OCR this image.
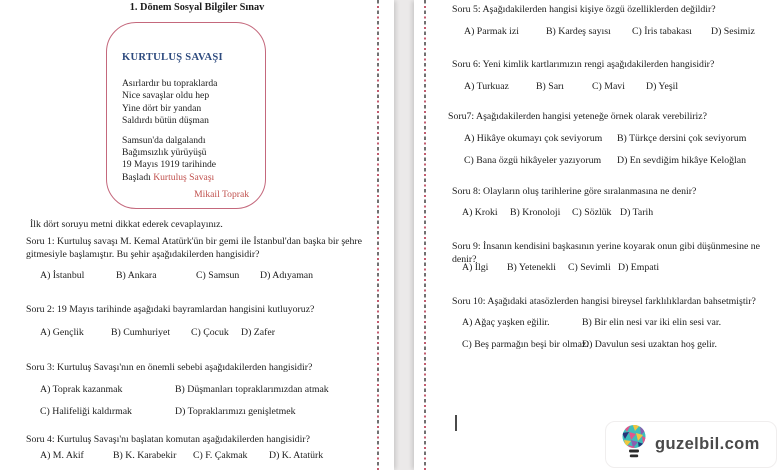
1. Dönem Sosyal Bilgiler Sınav
KURTULUŞ SAVAŞI
Asırlardır bu topraklarda
Nice savaşlar oldu hep
Yine dört bir yandan
Saldırdı bütün düşman
Samsun'da dalgalandı
Bağımsızlık yürüyüşü
19 Mayıs 1919 tarihinde
Başladı Kurtuluş Savaşı
Mikail Toprak
İlk dört soruyu metni dikkat ederek cevaplayınız.
Soru 1: Kurtuluş savaşı M. Kemal Atatürk'ün bir gemi ile İstanbul'dan başka bir şehre gitmesiyle başlamıştır. Bu şehir aşağıdakilerden hangisidir?
A) İstanbul	B) Ankara	C) Samsun	D) Adıyaman
Soru 2: 19 Mayıs tarihinde aşağıdaki bayramlardan hangisini kutluyoruz?
A) Gençlik	B) Cumhuriyet	C) Çocuk	D) Zafer
Soru 3: Kurtuluş Savaşı'nın en önemli sebebi aşağıdakilerden hangisidir?
A) Toprak kazanmak	B) Düşmanları topraklarımızdan atmak
C) Halifeliği kaldırmak	D) Topraklarımızı genişletmek
Soru 4: Kurtuluş Savaşı'nı başlatan komutan aşağıdakilerden hangisidir?
A) M. Akif	B) K. Karabekir	C) F. Çakmak	D) K. Atatürk
Soru 5: Aşağıdakilerden hangisi kişiye özgü özelliklerden değildir?
A) Parmak izi	B) Kardeş sayısı	C) İris tabakası	D) Sesimiz
Soru 6: Yeni kimlik kartlarımızın rengi aşağıdakilerden hangisidir?
A) Turkuaz	B) Sarı	C) Mavi	D) Yeşil
Soru7: Aşağıdakilerden hangisi yeteneğe örnek olarak verebiliriz?
A) Hikâye okumayı çok seviyorum	B) Türkçe dersini çok seviyorum
C) Bana özgü hikâyeler yazıyorum	D) En sevdiğim hikâye Keloğlan
Soru 8: Olayların oluş tarihlerine göre sıralanmasına ne denir?
A) Kroki	B) Kronoloji	C) Sözlük D) Tarih
Soru 9: İnsanın kendisini başkasının yerine koyarak onun gibi düşünmesine ne denir?
A) İlgi	B) Yetenekli	C) Sevimli D) Empati
Soru 10: Aşağıdaki atasözlerden hangisi bireysel farklılıklardan bahsetmiştir?
A) Ağaç yaşken eğilir.	B) Bir elin nesi var iki elin sesi var.
C) Beş parmağın beşi bir olmaz.
D) Davulun sesi uzaktan hoş gelir.
guzelbil.com
